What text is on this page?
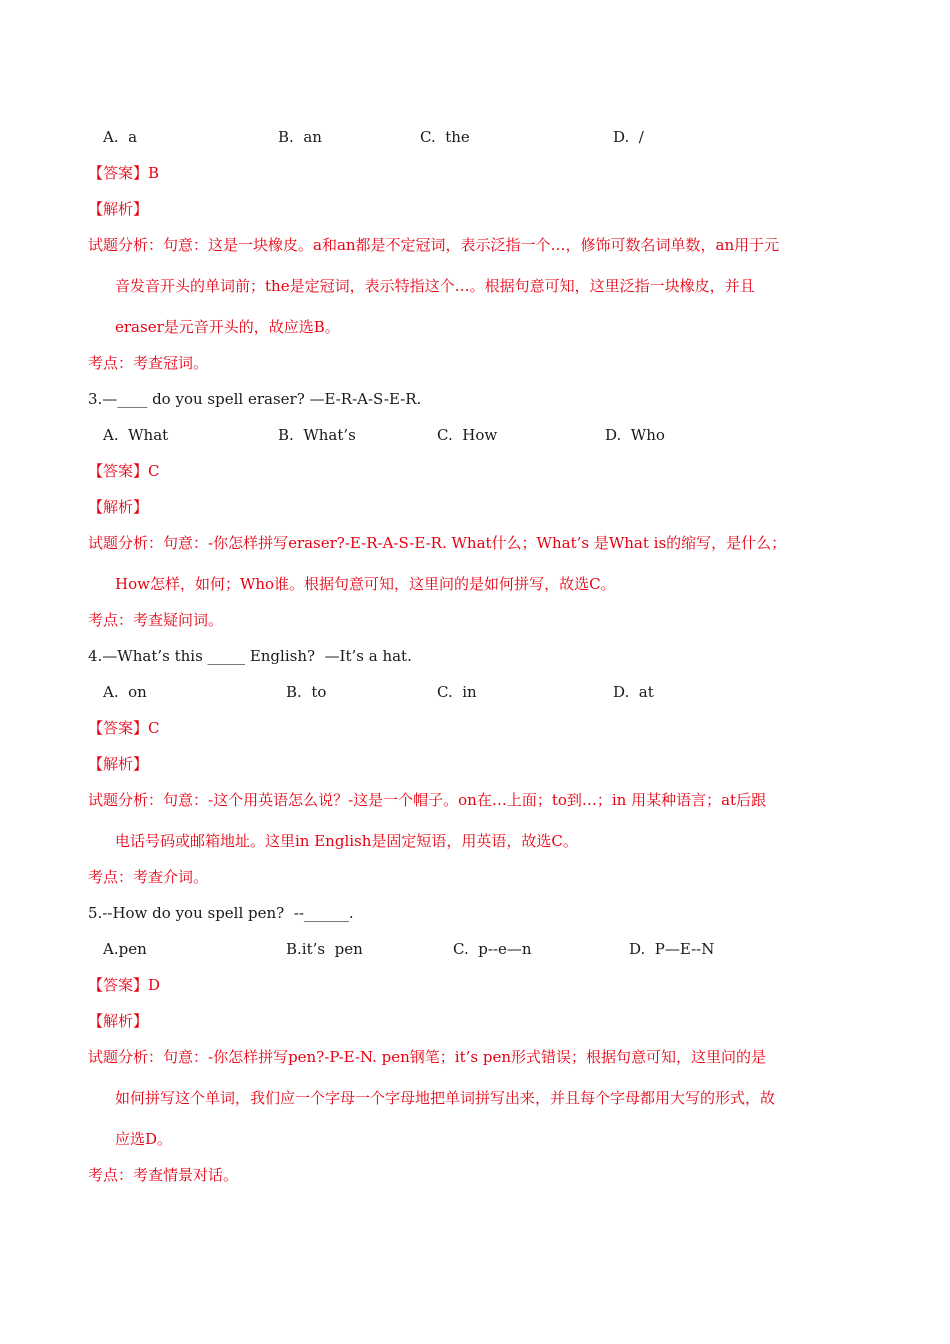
A.  a	B.  an	C.  the	D.  /
【答案】B
【解析】
试题分析：句意：这是一块橡皮。a和an都是不定冠词，表示泛指一个…，修饰可数名词单数，an用于元
音发音开头的单词前；the是定冠词，表示特指这个…。根据句意可知，这里泛指一块橡皮，并且
eraser是元音开头的，故应选B。
考点：考查冠词。
3.—____ do you spell eraser? —E-R-A-S-E-R.
A.  What	B.  What’s	C.  How	D.  Who
【答案】C
【解析】
试题分析：句意：-你怎样拼写eraser?-E-R-A-S-E-R. What什么；What’s 是What is的缩写，是什么；
How怎样，如何；Who谁。根据句意可知，这里问的是如何拼写，故选C。
考点：考查疑问词。
4.—What’s this _____ English?  —It’s a hat.
A.  on	B.  to	C.  in	D.  at
【答案】C
【解析】
试题分析：句意：-这个用英语怎么说？-这是一个帽子。on在…上面；to到…；in 用某种语言；at后跟
电话号码或邮箱地址。这里in English是固定短语，用英语，故选C。
考点：考查介词。
5.--How do you spell pen?  --______.
A.pen	B.it’s  pen	C.  p--e—n	D.  P—E--N
【答案】D
【解析】
试题分析：句意：-你怎样拼写pen?-P-E-N. pen钢笔；it’s pen形式错误；根据句意可知，这里问的是
如何拼写这个单词，我们应一个字母一个字母地把单词拼写出来，并且每个字母都用大写的形式，故
应选D。
考点：考查情景对话。
